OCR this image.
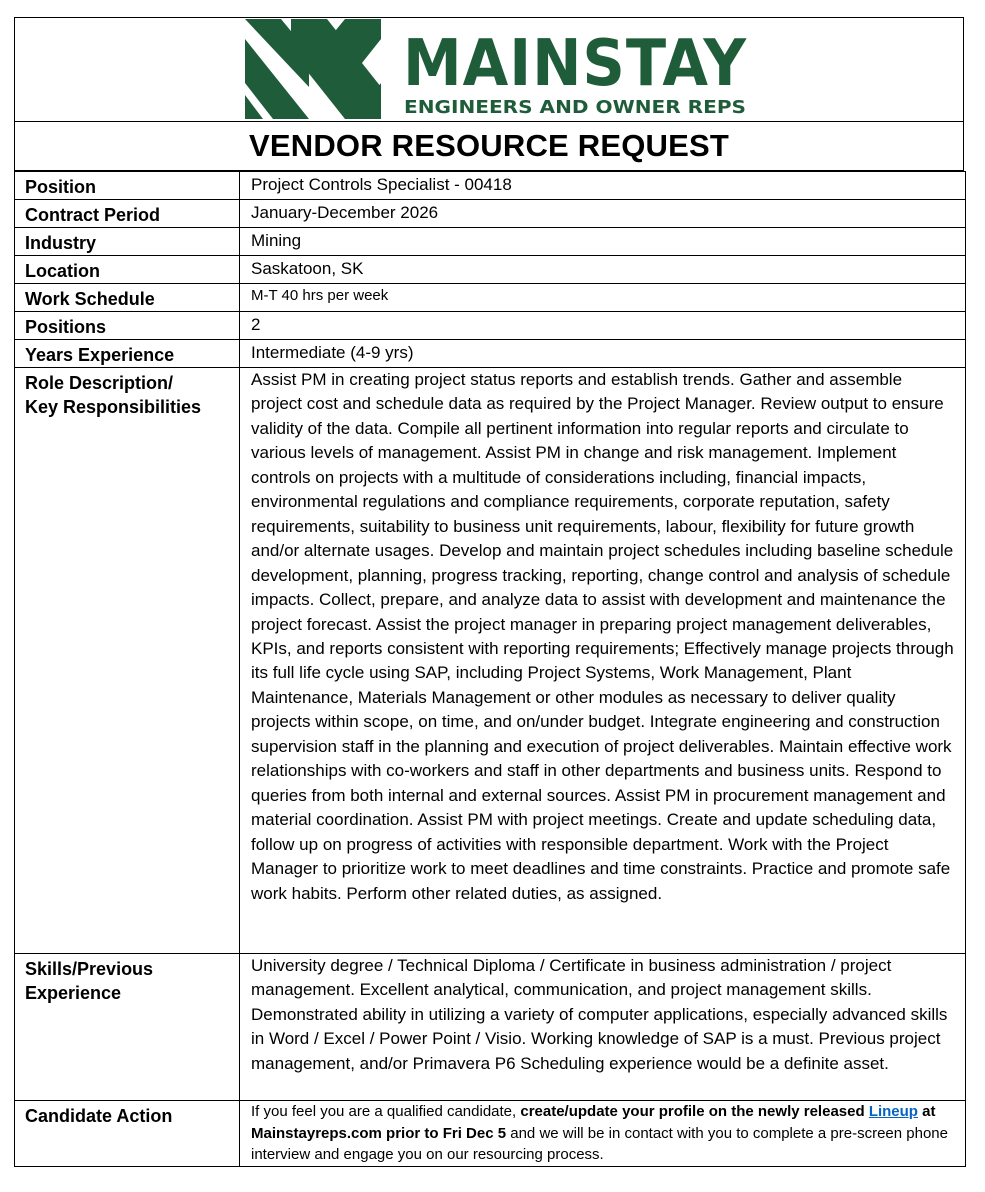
MAINSTAY
ENGINEERS AND OWNER REPS
VENDOR RESOURCE REQUEST
Position	Project Controls Specialist - 00418
Contract Period	January-December 2026
Industry	Mining
Location	Saskatoon, SK
Work Schedule	M-T 40 hrs per week
Positions	2
Years Experience	Intermediate (4-9 yrs)
Role Description/
Key Responsibilities	Assist PM in creating project status reports and establish trends. Gather and assemble project cost and schedule data as required by the Project Manager. Review output to ensure validity of the data. Compile all pertinent information into regular reports and circulate to various levels of management. Assist PM in change and risk management. Implement controls on projects with a multitude of considerations including, financial impacts, environmental regulations and compliance requirements, corporate reputation, safety requirements, suitability to business unit requirements, labour, flexibility for future growth and/or alternate usages. Develop and maintain project schedules including baseline schedule development, planning, progress tracking, reporting, change control and analysis of schedule impacts. Collect, prepare, and analyze data to assist with development and maintenance the project forecast. Assist the project manager in preparing project management deliverables, KPIs, and reports consistent with reporting requirements; Effectively manage projects through its full life cycle using SAP, including Project Systems, Work Management, Plant Maintenance, Materials Management or other modules as necessary to deliver quality projects within scope, on time, and on/under budget. Integrate engineering and construction supervision staff in the planning and execution of project deliverables. Maintain effective work relationships with co-workers and staff in other departments and business units. Respond to queries from both internal and external sources. Assist PM in procurement management and material coordination. Assist PM with project meetings. Create and update scheduling data, follow up on progress of activities with responsible department. Work with the Project Manager to prioritize work to meet deadlines and time constraints. Practice and promote safe work habits. Perform other related duties, as assigned.
Skills/Previous
Experience	University degree / Technical Diploma / Certificate in business administration / project management. Excellent analytical, communication, and project management skills. Demonstrated ability in utilizing a variety of computer applications, especially advanced skills in Word / Excel / Power Point / Visio. Working knowledge of SAP is a must. Previous project management, and/or Primavera P6 Scheduling experience would be a definite asset.
Candidate Action	If you feel you are a qualified candidate, create/update your profile on the newly released Lineup at Mainstayreps.com prior to Fri Dec 5 and we will be in contact with you to complete a pre-screen phone interview and engage you on our resourcing process.
